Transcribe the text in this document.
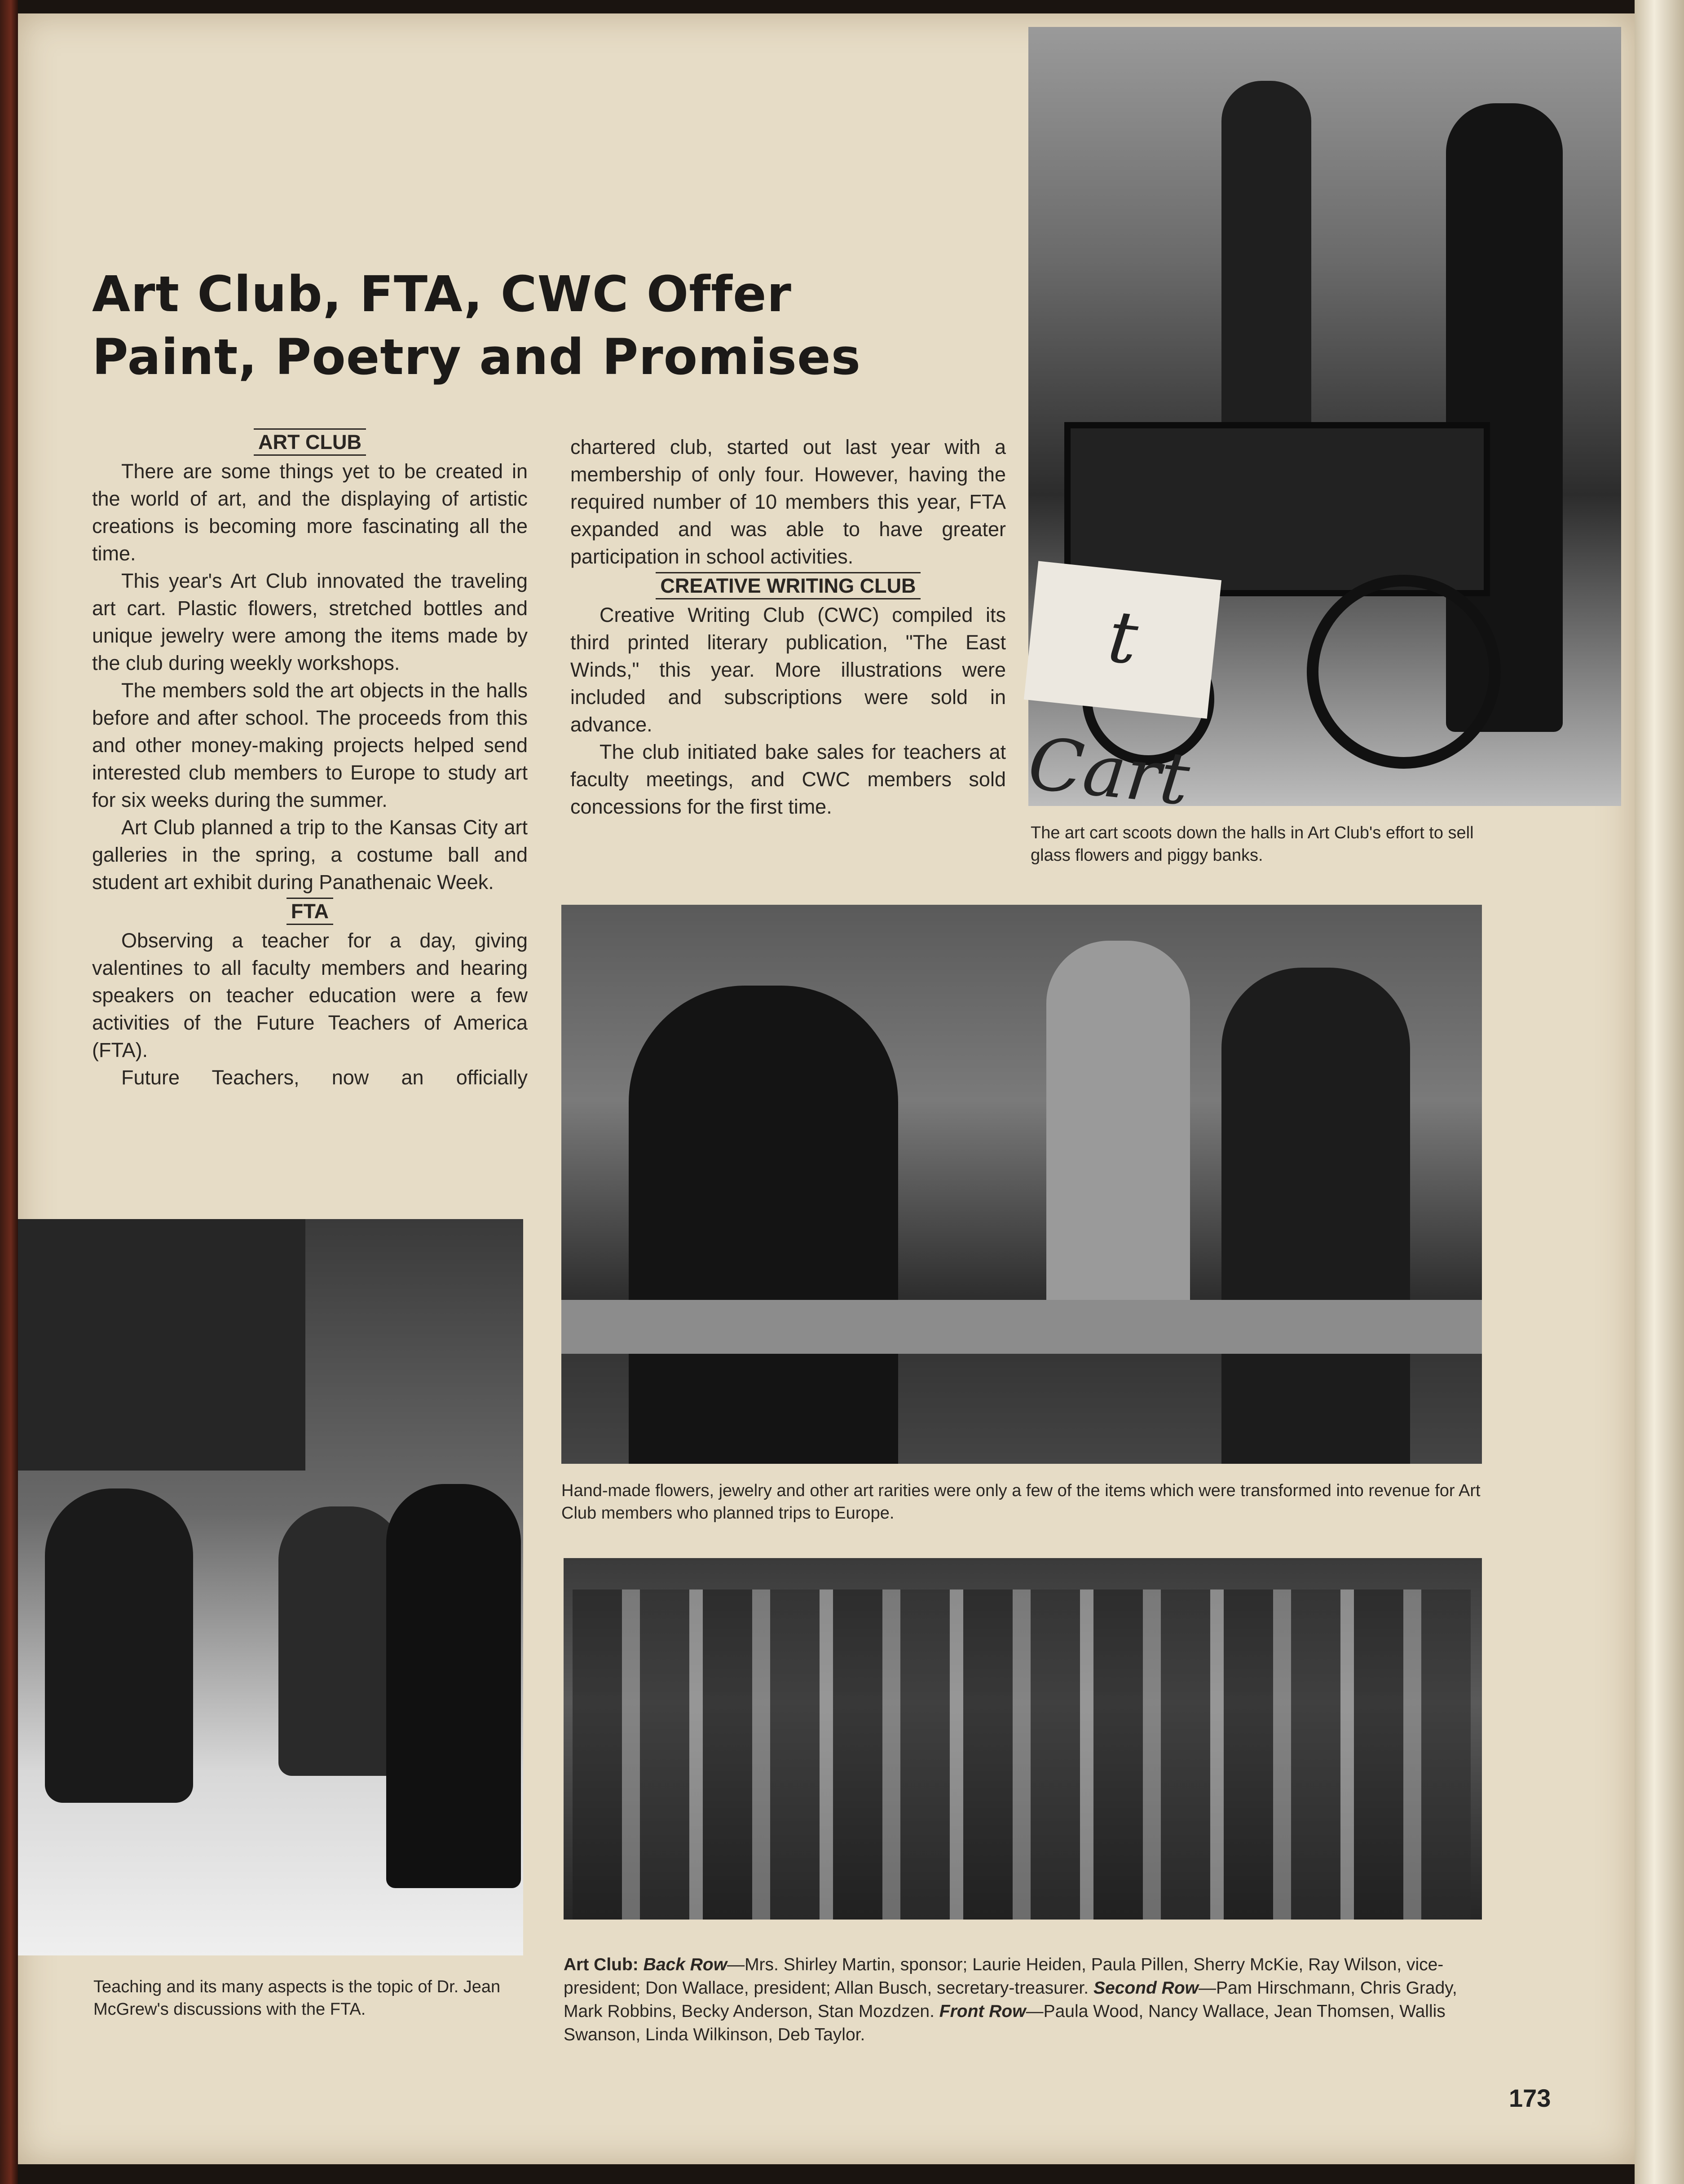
Art Club, FTA, CWC Offer
Paint, Poetry and Promises
ART CLUB

There are some things yet to be created in the world of art, and the displaying of artistic creations is becoming more fascinating all the time.

This year's Art Club innovated the traveling art cart. Plastic flowers, stretched bottles and unique jewelry were among the items made by the club during weekly workshops.

The members sold the art objects in the halls before and after school. The proceeds from this and other money-making projects helped send interested club members to Europe to study art for six weeks during the summer.

Art Club planned a trip to the Kansas City art galleries in the spring, a costume ball and student art exhibit during Panathenaic Week.

FTA

Observing a teacher for a day, giving valentines to all faculty members and hearing speakers on teacher education were a few activities of the Future Teachers of America (FTA).

Future Teachers, now an officially

chartered club, started out last year with a membership of only four. However, having the required number of 10 members this year, FTA expanded and was able to have greater participation in school activities.

CREATIVE WRITING CLUB

Creative Writing Club (CWC) compiled its third printed literary publication, "The East Winds," this year. More illustrations were included and subscriptions were sold in advance.

The club initiated bake sales for teachers at faculty meetings, and CWC members sold concessions for the first time.

t Cart
The art cart scoots down the halls in Art Club's effort to sell glass flowers and piggy banks.
Hand-made flowers, jewelry and other art rarities were only a few of the items which were transformed into revenue for Art Club members who planned trips to Europe.
Teaching and its many aspects is the topic of Dr. Jean McGrew's discussions with the FTA.
Art Club: Back Row—Mrs. Shirley Martin, sponsor; Laurie Heiden, Paula Pillen, Sherry McKie, Ray Wilson, vice-president; Don Wallace, president; Allan Busch, secretary-treasurer. Second Row—Pam Hirschmann, Chris Grady, Mark Robbins, Becky Anderson, Stan Mozdzen. Front Row—Paula Wood, Nancy Wallace, Jean Thomsen, Wallis Swanson, Linda Wilkinson, Deb Taylor.
173
